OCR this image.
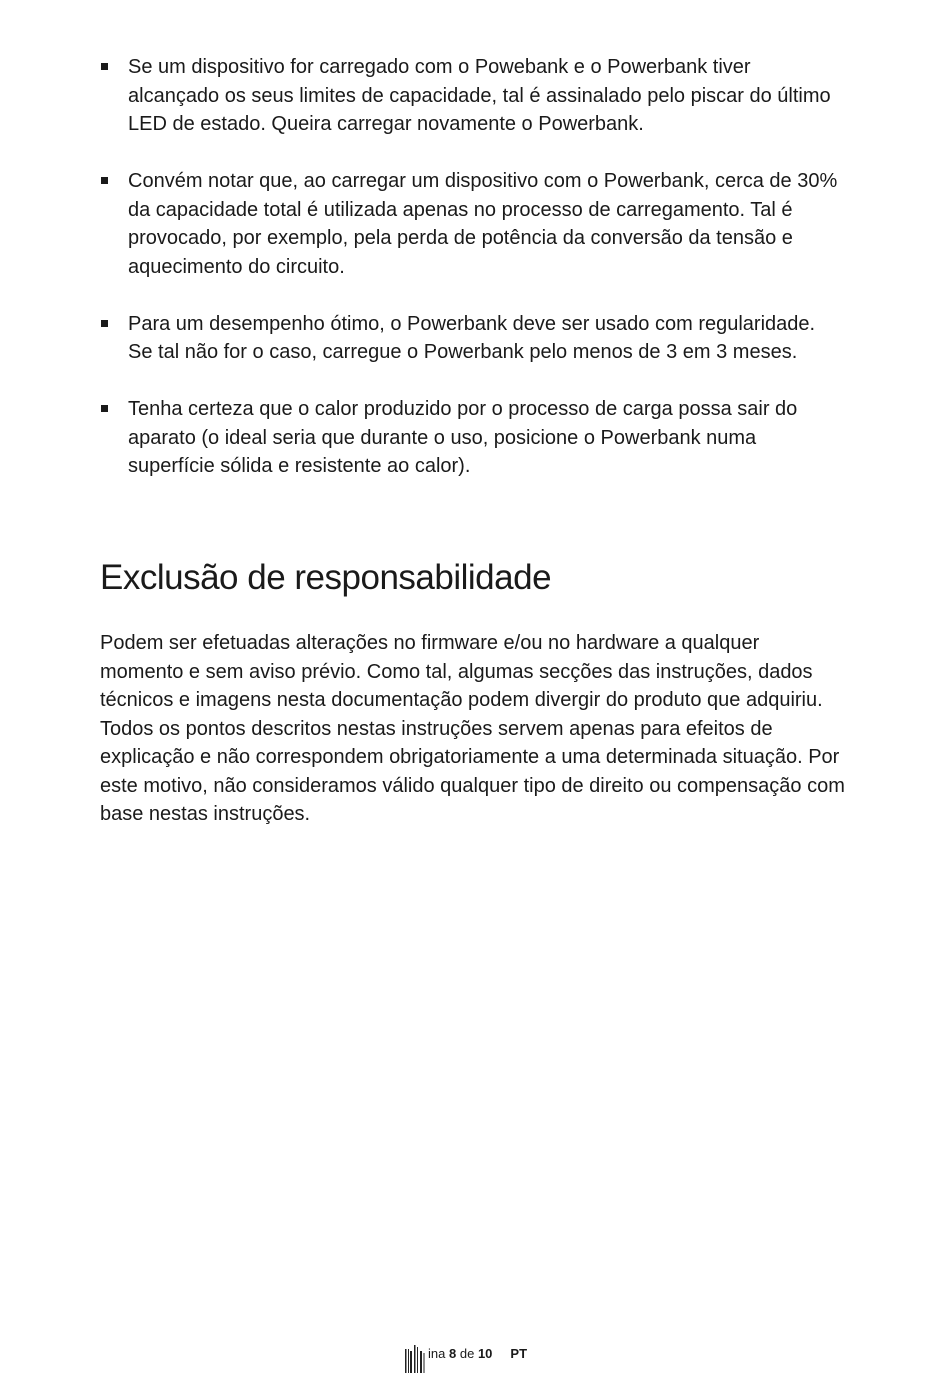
Se um dispositivo for carregado com o Powebank e o Powerbank tiver alcançado os seus limites de capacidade, tal é assinalado pelo piscar do último LED de estado. Queira carregar novamente o Powerbank.
Convém notar que, ao carregar um dispositivo com o Powerbank, cerca de 30% da capacidade total é utilizada apenas no processo de carregamento. Tal é provocado, por exemplo, pela perda de potência da conversão da tensão e aquecimento do circuito.
Para um desempenho ótimo, o Powerbank deve ser usado com regularidade. Se tal não for o caso, carregue o Powerbank pelo menos de 3 em 3 meses.
Tenha certeza que o calor produzido por o processo de carga possa sair do aparato (o ideal seria que durante o uso, posicione o Powerbank numa superfície sólida e resistente ao calor).
Exclusão de responsabilidade

Podem ser efetuadas alterações no firmware e/ou no hardware a qualquer momento e sem aviso prévio. Como tal, algumas secções das instruções, dados técnicos e imagens nesta documentação podem divergir do produto que adquiriu. Todos os pontos descritos nestas instruções servem apenas para efeitos de explicação e não correspondem obrigatoriamente a uma determinada situação. Por este motivo, não consideramos válido qualquer tipo de direito ou compensação com base nestas instruções.

ina 8 de 10 PT
